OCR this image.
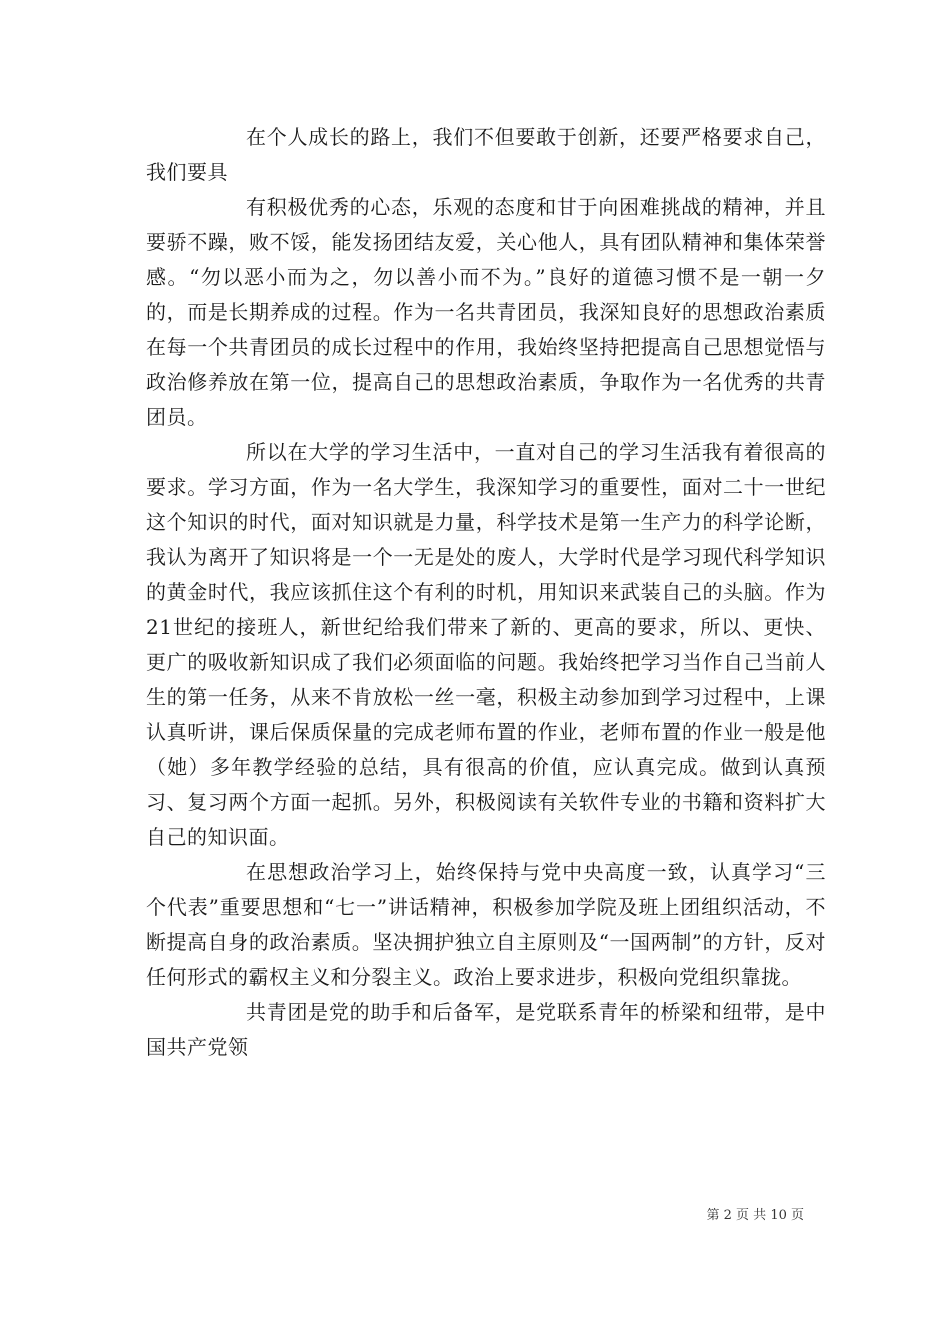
在个人成长的路上，我们不但要敢于创新，还要严格要求自己，我们要具

有积极优秀的心态，乐观的态度和甘于向困难挑战的精神，并且要骄不躁，败不馁，能发扬团结友爱，关心他人，具有团队精神和集体荣誉感。“勿以恶小而为之，勿以善小而不为。”良好的道德习惯不是一朝一夕的，而是长期养成的过程。作为一名共青团员，我深知良好的思想政治素质在每一个共青团员的成长过程中的作用，我始终坚持把提高自己思想觉悟与政治修养放在第一位，提高自己的思想政治素质，争取作为一名优秀的共青团员。

所以在大学的学习生活中，一直对自己的学习生活我有着很高的要求。学习方面，作为一名大学生，我深知学习的重要性，面对二十一世纪这个知识的时代，面对知识就是力量，科学技术是第一生产力的科学论断，我认为离开了知识将是一个一无是处的废人，大学时代是学习现代科学知识的黄金时代，我应该抓住这个有利的时机，用知识来武装自己的头脑。作为21世纪的接班人，新世纪给我们带来了新的、更高的要求，所以、更快、更广的吸收新知识成了我们必须面临的问题。我始终把学习当作自己当前人生的第一任务，从来不肯放松一丝一毫，积极主动参加到学习过程中，上课认真听讲，课后保质保量的完成老师布置的作业，老师布置的作业一般是他（她）多年教学经验的总结，具有很高的价值，应认真完成。做到认真预习、复习两个方面一起抓。另外，积极阅读有关软件专业的书籍和资料扩大自己的知识面。

在思想政治学习上，始终保持与党中央高度一致，认真学习“三个代表”重要思想和“七一”讲话精神，积极参加学院及班上团组织活动，不断提高自身的政治素质。坚决拥护独立自主原则及“一国两制”的方针，反对任何形式的霸权主义和分裂主义。政治上要求进步，积极向党组织靠拢。

共青团是党的助手和后备军，是党联系青年的桥梁和纽带，是中国共产党领

第 2 页 共 10 页
